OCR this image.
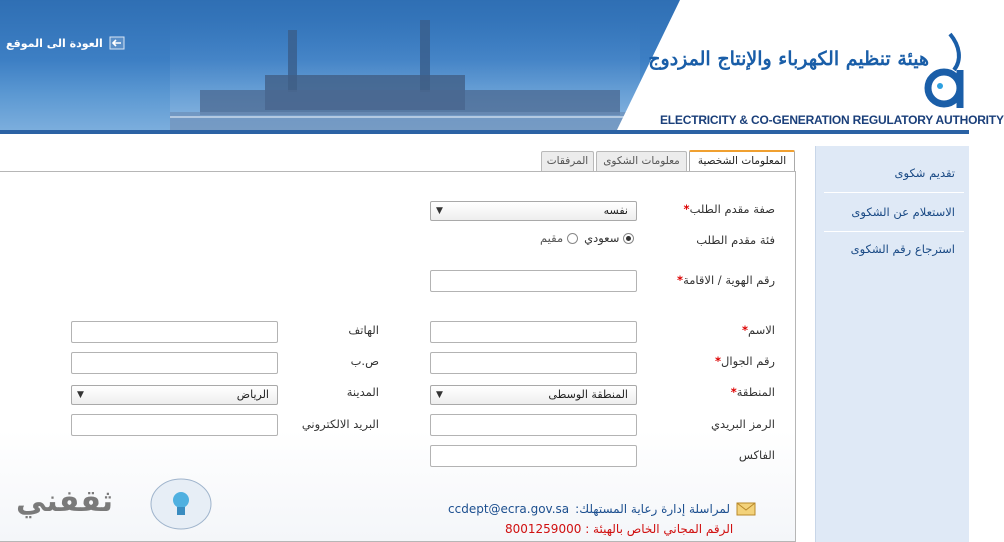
العودة الى الموقع
هيئة تنظيم الكهرباء والإنتاج المزدوج
ELECTRICITY & CO-GENERATION REGULATORY AUTHORITY
تقديم شكوى
الاستعلام عن الشكوى
استرجاع رقم الشكوى
المعلومات الشخصية
معلومات الشكوى
المرفقات
صفة مقدم الطلب*
نفسه
▼
فئة مقدم الطلب
سعودي
مقيم
رقم الهوية / الاقامة*
الاسم*
رقم الجوال*
المنطقة*
المنطقة الوسطى
▼
الرمز البريدي
الفاكس
الهاتف
ص.ب
المدينة
الرياض
▼
البريد الالكتروني
لمراسلة إدارة رعاية المستهلك:
ccdept@ecra.gov.sa
الرقم المجاني الخاص بالهيئة : 8001259000
ثقفني
